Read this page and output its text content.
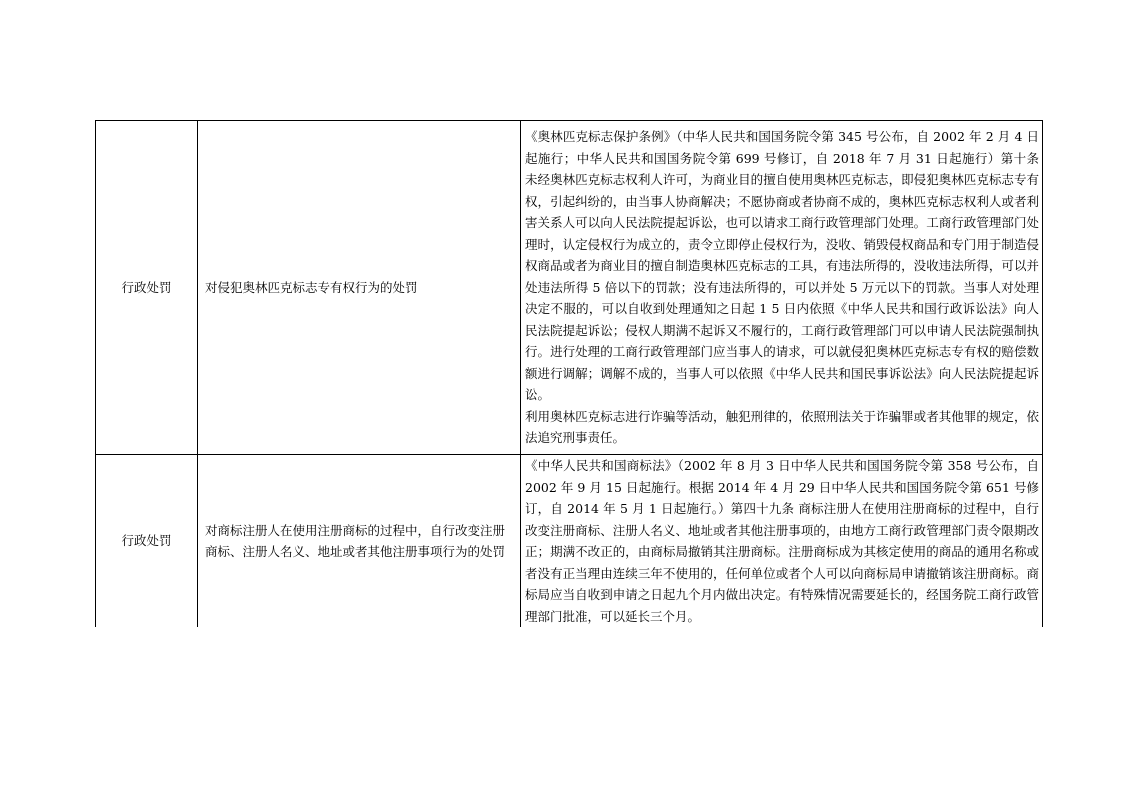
行政处罚	对侵犯奥林匹克标志专有权行为的处罚	《奥林匹克标志保护条例》（中华人民共和国国务院令第 345 号公布，自 2002 年 2 月 4 日起施行；中华人民共和国国务院令第 699 号修订，自 2018 年 7 月 31 日起施行）第十条　未经奥林匹克标志权利人许可，为商业目的擅自使用奥林匹克标志，即侵犯奥林匹克标志专有权，引起纠纷的，由当事人协商解决；不愿协商或者协商不成的，奥林匹克标志权利人或者利害关系人可以向人民法院提起诉讼，也可以请求工商行政管理部门处理。工商行政管理部门处理时，认定侵权行为成立的，责令立即停止侵权行为，没收、销毁侵权商品和专门用于制造侵权商品或者为商业目的擅自制造奥林匹克标志的工具，有违法所得的，没收违法所得，可以并处违法所得 5 倍以下的罚款；没有违法所得的，可以并处 5 万元以下的罚款。当事人对处理决定不服的，可以自收到处理通知之日起 1 5 日内依照《中华人民共和国行政诉讼法》向人民法院提起诉讼；侵权人期满不起诉又不履行的，工商行政管理部门可以申请人民法院强制执行。进行处理的工商行政管理部门应当事人的请求，可以就侵犯奥林匹克标志专有权的赔偿数额进行调解；调解不成的，当事人可以依照《中华人民共和国民事诉讼法》向人民法院提起诉讼。
利用奥林匹克标志进行诈骗等活动，触犯刑律的，依照刑法关于诈骗罪或者其他罪的规定，依法追究刑事责任。

行政处罚	对商标注册人在使用注册商标的过程中，自行改变注册商标、注册人名义、地址或者其他注册事项行为的处罚	《中华人民共和国商标法》（2002 年 8 月 3 日中华人民共和国国务院令第 358 号公布，自 2002 年 9 月 15 日起施行。根据 2014 年 4 月 29 日中华人民共和国国务院令第 651 号修订，自 2014 年 5 月 1 日起施行。）第四十九条 商标注册人在使用注册商标的过程中，自行改变注册商标、注册人名义、地址或者其他注册事项的，由地方工商行政管理部门责令限期改正；期满不改正的，由商标局撤销其注册商标。注册商标成为其核定使用的商品的通用名称或者没有正当理由连续三年不使用的，任何单位或者个人可以向商标局申请撤销该注册商标。商标局应当自收到申请之日起九个月内做出决定。有特殊情况需要延长的，经国务院工商行政管理部门批准，可以延长三个月。
